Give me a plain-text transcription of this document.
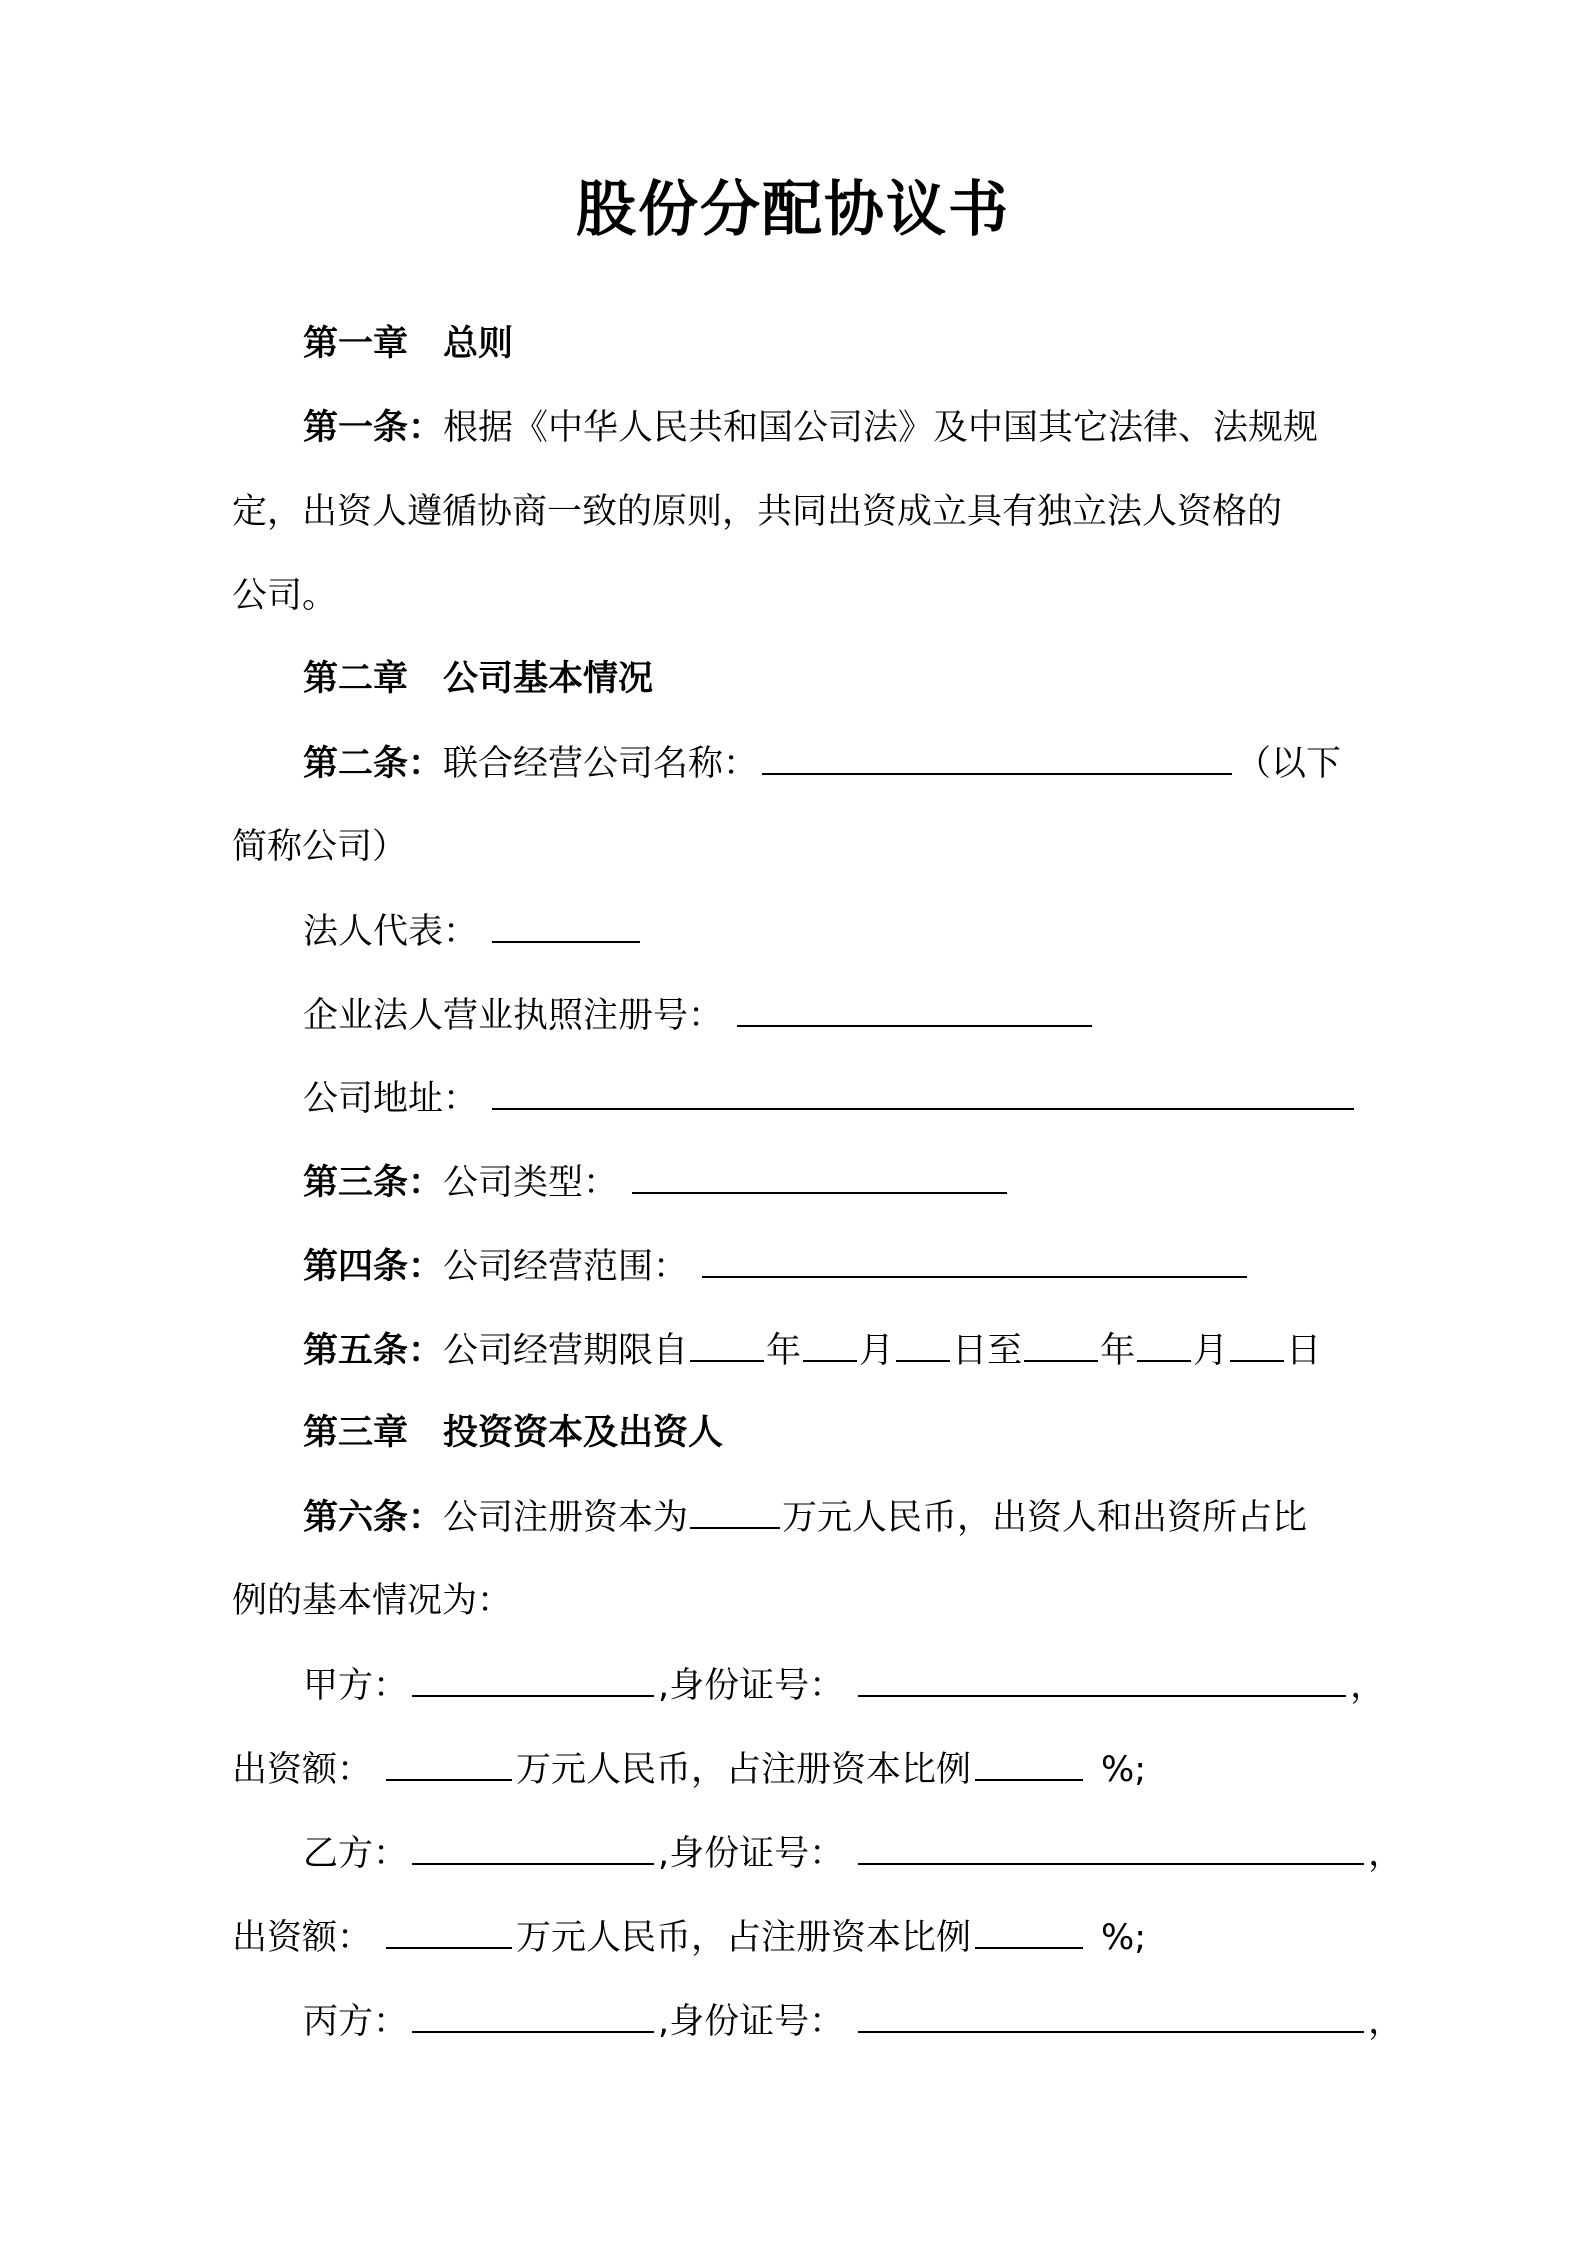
股份分配协议书
第一章　总则
第一条：根据《中华人民共和国公司法》及中国其它法律、法规规
定，出资人遵循协商一致的原则，共同出资成立具有独立法人资格的
公司。
第二章　公司基本情况
第二条：联合经营公司名称：	（以下
简称公司）
法人代表：
企业法人营业执照注册号：
公司地址：
第三条：公司类型：
第四条：公司经营范围：
第五条：公司经营期限自 年 月 日至 年 月 日
第三章　投资资本及出资人
第六条：公司注册资本为	万元人民币，出资人和出资所占比
例的基本情况为：
甲方：	,身份证号：	，
出资额：	万元人民币，占注册资本比例	%;
乙方：	,身份证号：	，
出资额：	万元人民币，占注册资本比例	%;
丙方：	,身份证号：	，
